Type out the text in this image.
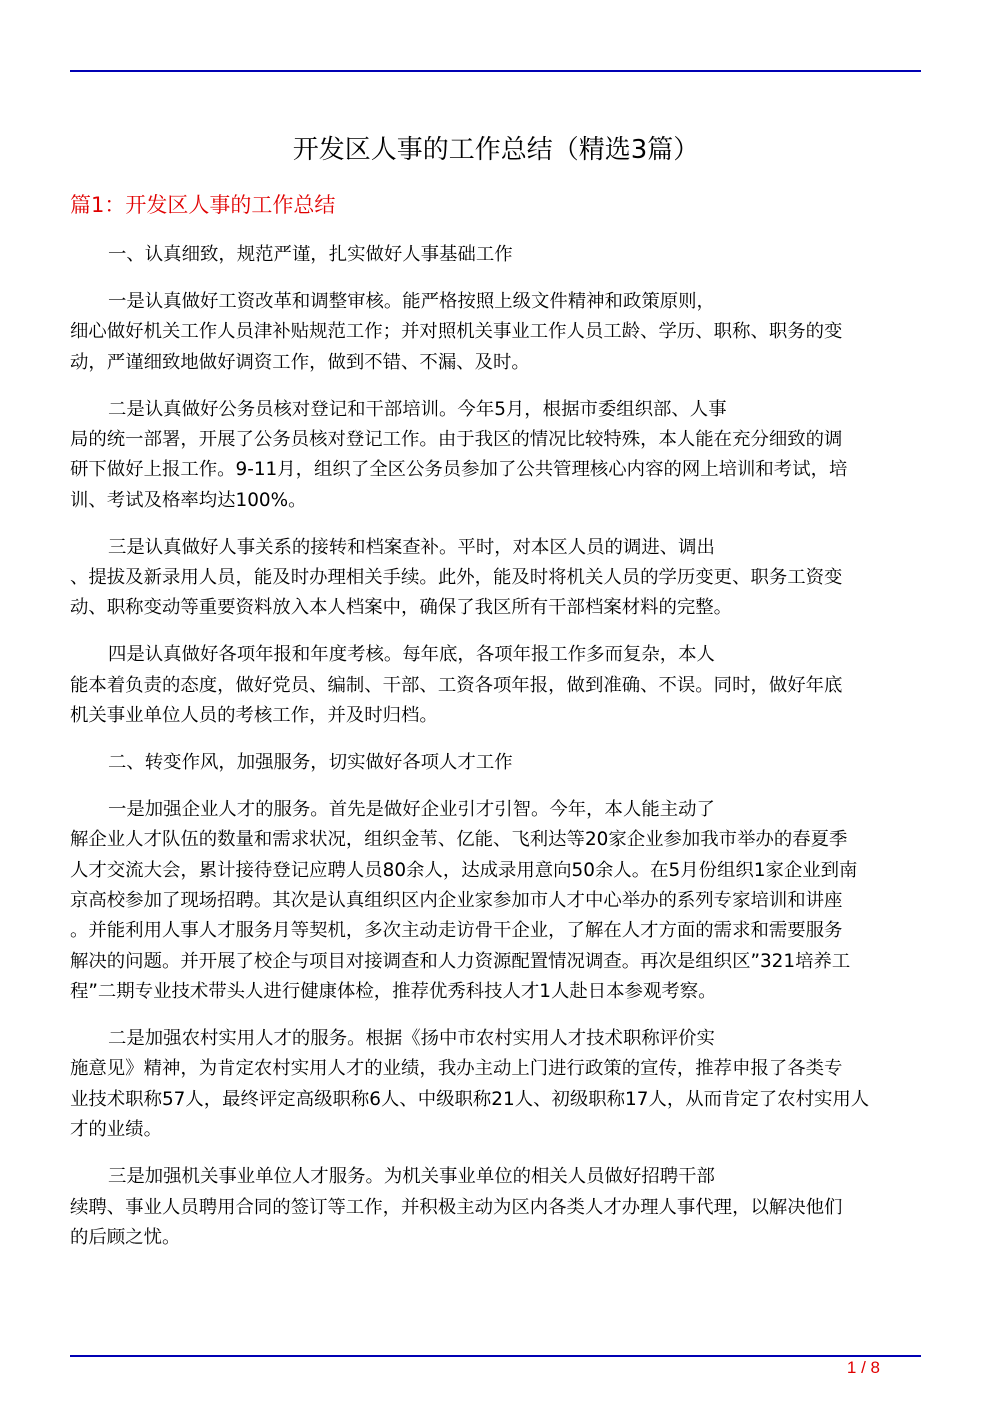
开发区人事的工作总结（精选3篇）
篇1：开发区人事的工作总结
一、认真细致，规范严谨，扎实做好人事基础工作
一是认真做好工资改革和调整审核。能严格按照上级文件精神和政策原则，
细心做好机关工作人员津补贴规范工作；并对照机关事业工作人员工龄、学历、职称、职务的变
动，严谨细致地做好调资工作，做到不错、不漏、及时。
二是认真做好公务员核对登记和干部培训。今年5月，根据市委组织部、人事
局的统一部署，开展了公务员核对登记工作。由于我区的情况比较特殊，本人能在充分细致的调
研下做好上报工作。9-11月，组织了全区公务员参加了公共管理核心内容的网上培训和考试，培
训、考试及格率均达100%。
三是认真做好人事关系的接转和档案查补。平时，对本区人员的调进、调出
、提拔及新录用人员，能及时办理相关手续。此外，能及时将机关人员的学历变更、职务工资变
动、职称变动等重要资料放入本人档案中，确保了我区所有干部档案材料的完整。
四是认真做好各项年报和年度考核。每年底，各项年报工作多而复杂，本人
能本着负责的态度，做好党员、编制、干部、工资各项年报，做到准确、不误。同时，做好年底
机关事业单位人员的考核工作，并及时归档。
二、转变作风，加强服务，切实做好各项人才工作
一是加强企业人才的服务。首先是做好企业引才引智。今年，本人能主动了
解企业人才队伍的数量和需求状况，组织金苇、亿能、飞利达等20家企业参加我市举办的春夏季
人才交流大会，累计接待登记应聘人员80余人，达成录用意向50余人。在5月份组织1家企业到南
京高校参加了现场招聘。其次是认真组织区内企业家参加市人才中心举办的系列专家培训和讲座
。并能利用人事人才服务月等契机，多次主动走访骨干企业，了解在人才方面的需求和需要服务
解决的问题。并开展了校企与项目对接调查和人力资源配置情况调查。再次是组织区”321培养工
程”二期专业技术带头人进行健康体检，推荐优秀科技人才1人赴日本参观考察。
二是加强农村实用人才的服务。根据《扬中市农村实用人才技术职称评价实
施意见》精神，为肯定农村实用人才的业绩，我办主动上门进行政策的宣传，推荐申报了各类专
业技术职称57人，最终评定高级职称6人、中级职称21人、初级职称17人，从而肯定了农村实用人
才的业绩。
三是加强机关事业单位人才服务。为机关事业单位的相关人员做好招聘干部
续聘、事业人员聘用合同的签订等工作，并积极主动为区内各类人才办理人事代理，以解决他们
的后顾之忧。
1 / 8
